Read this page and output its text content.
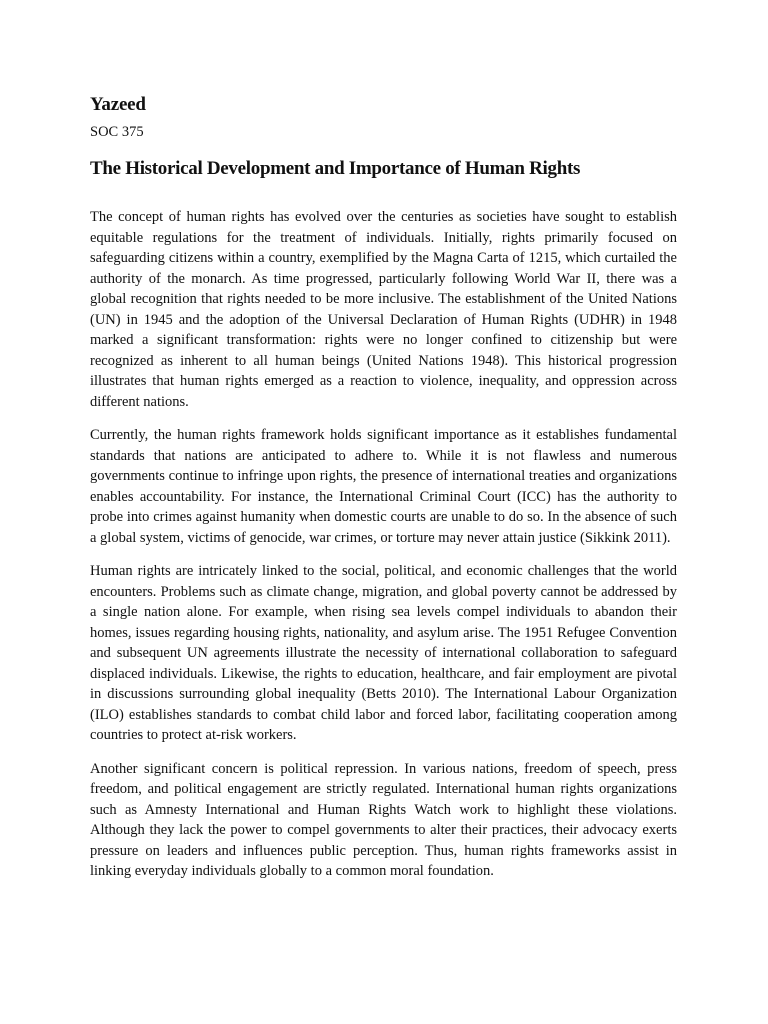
Yazeed
SOC 375
The Historical Development and Importance of Human Rights

The concept of human rights has evolved over the centuries as societies have sought to establish equitable regulations for the treatment of individuals. Initially, rights primarily focused on safeguarding citizens within a country, exemplified by the Magna Carta of 1215, which curtailed the authority of the monarch. As time progressed, particularly following World War II, there was a global recognition that rights needed to be more inclusive. The establishment of the United Nations (UN) in 1945 and the adoption of the Universal Declaration of Human Rights (UDHR) in 1948 marked a significant transformation: rights were no longer confined to citizenship but were recognized as inherent to all human beings (United Nations 1948). This historical progression illustrates that human rights emerged as a reaction to violence, inequality, and oppression across different nations.

Currently, the human rights framework holds significant importance as it establishes fundamental standards that nations are anticipated to adhere to. While it is not flawless and numerous governments continue to infringe upon rights, the presence of international treaties and organizations enables accountability. For instance, the International Criminal Court (ICC) has the authority to probe into crimes against humanity when domestic courts are unable to do so. In the absence of such a global system, victims of genocide, war crimes, or torture may never attain justice (Sikkink 2011).

Human rights are intricately linked to the social, political, and economic challenges that the world encounters. Problems such as climate change, migration, and global poverty cannot be addressed by a single nation alone. For example, when rising sea levels compel individuals to abandon their homes, issues regarding housing rights, nationality, and asylum arise. The 1951 Refugee Convention and subsequent UN agreements illustrate the necessity of international collaboration to safeguard displaced individuals. Likewise, the rights to education, healthcare, and fair employment are pivotal in discussions surrounding global inequality (Betts 2010). The International Labour Organization (ILO) establishes standards to combat child labor and forced labor, facilitating cooperation among countries to protect at-risk workers.

Another significant concern is political repression. In various nations, freedom of speech, press freedom, and political engagement are strictly regulated. International human rights organizations such as Amnesty International and Human Rights Watch work to highlight these violations. Although they lack the power to compel governments to alter their practices, their advocacy exerts pressure on leaders and influences public perception. Thus, human rights frameworks assist in linking everyday individuals globally to a common moral foundation.
